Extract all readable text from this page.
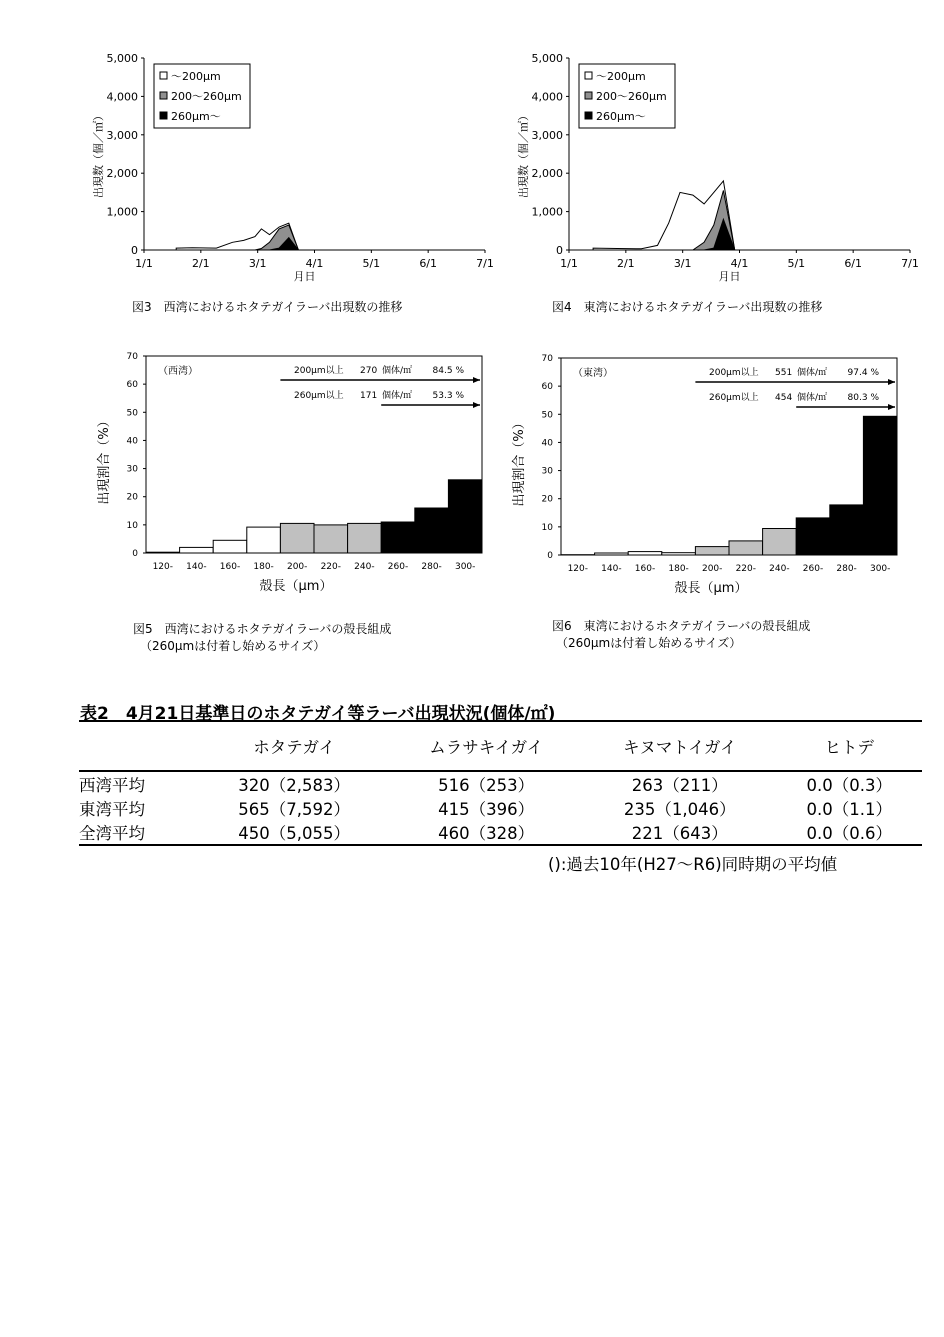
5,000
4,000
3,000
2,000
1,000
0
1/1	2/1	3/1	4/1	5/1	6/1	7/1
月日
出現数（個／㎡）
～200μm
200～260μm
260μm～
5,000
4,000
3,000
2,000
1,000
0
1/1	2/1	3/1	4/1	5/1	6/1	7/1
月日
出現数（個／㎡）
～200μm
200～260μm
260μm～
70
60
50
40
30
20
10
0
120- 140- 160- 180- 200- 220- 240- 260- 280- 300-
殻長（μm）
出現割合（%）
（西湾）	200μm以上 270 個体/㎡ 84.5 %
260μm以上 171 個体/㎡ 53.3 %
70
60
50
40
30
20
10
0
120- 140- 160- 180- 200- 220- 240- 260- 280- 300-
殻長（μm）
出現割合（%）
（東湾）	200μm以上 551 個体/㎡ 97.4 %
260μm以上 454 個体/㎡ 80.3 %
図3　西湾におけるホタテガイラーバ出現数の推移	図4　東湾におけるホタテガイラーバ出現数の推移
図5　西湾におけるホタテガイラーバの殻長組成
（260μmは付着し始めるサイズ）
図6　東湾におけるホタテガイラーバの殻長組成
（260μmは付着し始めるサイズ）
表2　4月21日基準日のホタテガイ等ラーバ出現状況(個体/㎡)
	ホタテガイ	ムラサキイガイ	キヌマトイガイ	ヒトデ
西湾平均	320（2,583）	516（253）	263（211）	0.0（0.3）
東湾平均	565（7,592）	415（396）	235（1,046）	0.0（1.1）
全湾平均	450（5,055）	460（328）	221（643）	0.0（0.6）
():過去10年(H27～R6)同時期の平均値
